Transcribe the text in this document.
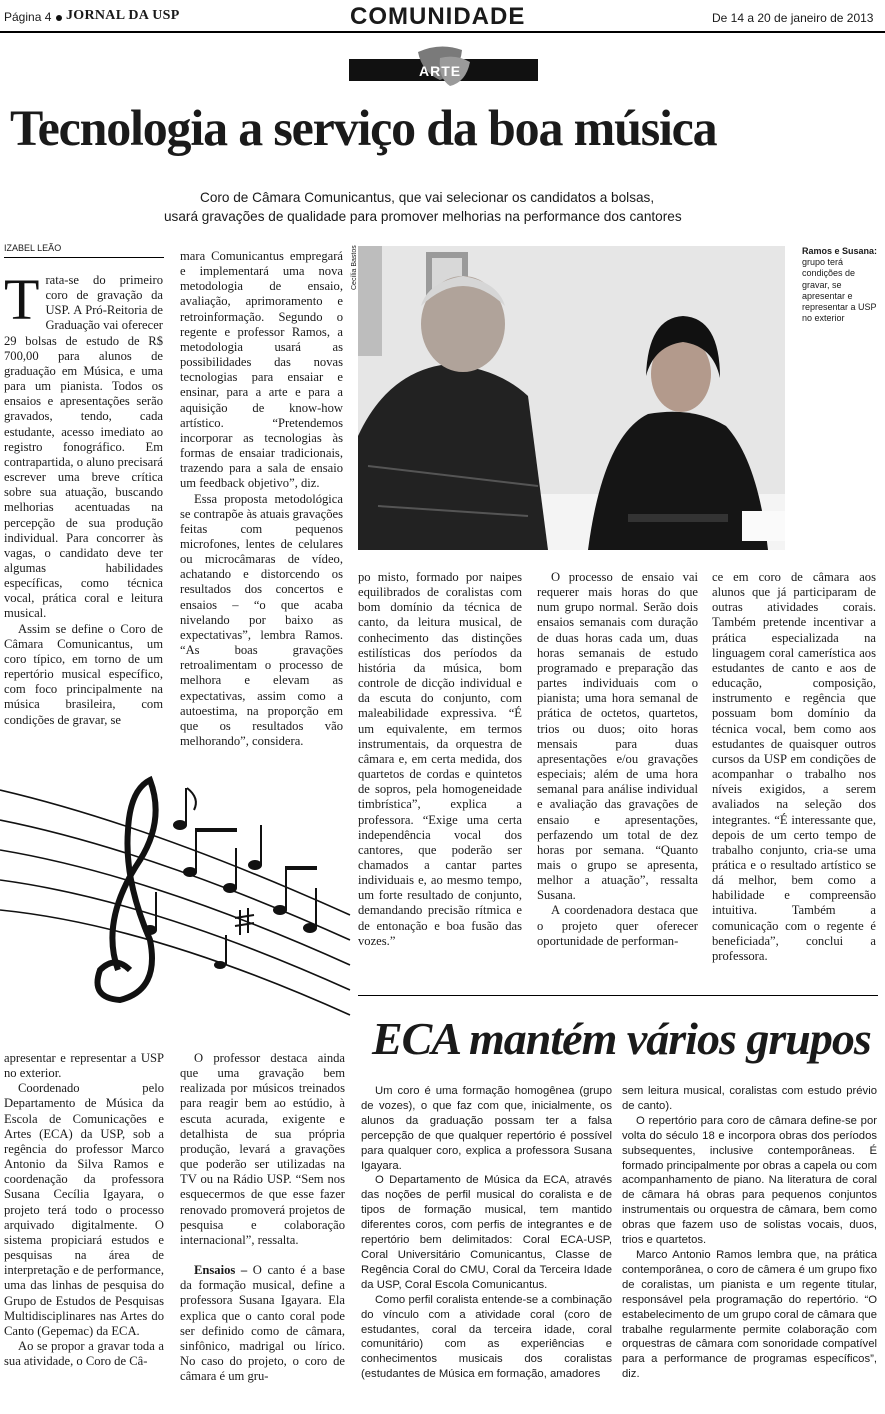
Página 4 JORNAL DA USP	COMUNIDADE	De 14 a 20 de janeiro de 2013
ARTE
Tecnologia a serviço da boa música
Coro de Câmara Comunicantus, que vai selecionar os candidatos a bolsas,
usará gravações de qualidade para promover melhorias na performance dos cantores
IZABEL LEÃO	Cecília Bastos	Ramos e Susana: grupo terá condições de gravar, se apresentar e representar a USP no exterior
T rata-se do primeiro coro de gravação da USP. A Pró-Reitoria de Graduação vai oferecer 29 bolsas de estudo de R$ 700,00 para alunos de graduação em Música, e uma para um pianista. Todos os ensaios e apresentações serão gravados, tendo, cada estudante, acesso imediato ao registro fonográfico. Em contrapartida, o aluno precisará escrever uma breve crítica sobre sua atuação, buscando melhorias acentuadas na percepção de sua produção individual. Para concorrer às vagas, o candidato deve ter algumas habilidades específicas, como técnica vocal, prática coral e leitura musical.

Assim se define o Coro de Câmara Comunicantus, um coro típico, em torno de um repertório musical específico, com foco principalmente na música brasileira, com condições de gravar, se

mara Comunicantus empregará e implementará uma nova metodologia de ensaio, avaliação, aprimoramento e retroinformação. Segundo o regente e professor Ramos, a metodologia usará as possibilidades das novas tecnologias para ensaiar e ensinar, para a arte e para a aquisição de know-how artístico. “Pretendemos incorporar as tecnologias às formas de ensaiar tradicionais, trazendo para a sala de ensaio um feedback objetivo”, diz.

Essa proposta metodológica se contrapõe às atuais gravações feitas com pequenos microfones, lentes de celulares ou microcâmaras de vídeo, achatando e distorcendo os resultados dos concertos e ensaios – “o que acaba nivelando por baixo as expectativas”, lembra Ramos. “As boas gravações retroalimentam o processo de melhora e elevam as expectativas, assim como a autoestima, na proporção em que os resultados vão melhorando”, considera.

po misto, formado por naipes equilibrados de coralistas com bom domínio da técnica de canto, da leitura musical, de conhecimento das distinções estilísticas dos períodos da história da música, bom controle de dicção individual e da escuta do conjunto, com maleabilidade expressiva. “É um equivalente, em termos instrumentais, da orquestra de câmara e, em certa medida, dos quartetos de cordas e quintetos de sopros, pela homogeneidade timbrística”, explica a professora. “Exige uma certa independência vocal dos cantores, que poderão ser chamados a cantar partes individuais e, ao mesmo tempo, um forte resultado de conjunto, demandando precisão rítmica e de entonação e boa fusão das vozes.”

O processo de ensaio vai requerer mais horas do que num grupo normal. Serão dois ensaios semanais com duração de duas horas cada um, duas horas semanais de estudo programado e preparação das partes individuais com o pianista; uma hora semanal de prática de octetos, quartetos, trios ou duos; oito horas mensais para duas apresentações e/ou gravações especiais; além de uma hora semanal para análise individual e avaliação das gravações de ensaio e apresentações, perfazendo um total de dez horas por semana. “Quanto mais o grupo se apresenta, melhor a atuação”, ressalta Susana.

A coordenadora destaca que o projeto quer oferecer oportunidade de performan-

ce em coro de câmara aos alunos que já participaram de outras atividades corais. Também pretende incentivar a prática especializada na linguagem coral camerística aos estudantes de canto e aos de educação, composição, instrumento e regência que possuam bom domínio da técnica vocal, bem como aos estudantes de quaisquer outros cursos da USP em condições de acompanhar o trabalho nos níveis exigidos, a serem avaliados na seleção dos integrantes. “É interessante que, depois de um certo tempo de trabalho conjunto, cria-se uma prática e o resultado artístico se dá melhor, bem como a habilidade e compreensão intuitiva. Também a comunicação com o regente é beneficiada”, conclui a professora.

apresentar e representar a USP no exterior.

Coordenado pelo Departamento de Música da Escola de Comunicações e Artes (ECA) da USP, sob a regência do professor Marco Antonio da Silva Ramos e coordenação da professora Susana Cecília Igayara, o projeto terá todo o processo arquivado digitalmente. O sistema propiciará estudos e pesquisas na área de interpretação e de performance, uma das linhas de pesquisa do Grupo de Estudos de Pesquisas Multidisciplinares nas Artes do Canto (Gepemac) da ECA.

Ao se propor a gravar toda a sua atividade, o Coro de Câ-

O professor destaca ainda que uma gravação bem realizada por músicos treinados para reagir bem ao estúdio, à escuta acurada, exigente e detalhista de sua própria produção, levará a gravações que poderão ser utilizadas na TV ou na Rádio USP. “Sem nos esquecermos de que esse fazer renovado promoverá projetos de pesquisa e colaboração internacional”, ressalta.

Ensaios – O canto é a base da formação musical, define a professora Susana Igayara. Ela explica que o canto coral pode ser definido como de câmara, sinfônico, madrigal ou lírico. No caso do projeto, o coro de câmara é um gru-

ECA mantém vários grupos

Um coro é uma formação homogênea (grupo de vozes), o que faz com que, inicialmente, os alunos da graduação possam ter a falsa percepção de que qualquer repertório é possível para qualquer coro, explica a professora Susana Igayara.

O Departamento de Música da ECA, através das noções de perfil musical do coralista e de tipos de formação musical, tem mantido diferentes coros, com perfis de integrantes e de repertório bem delimitados: Coral ECA-USP, Coral Universitário Comunicantus, Classe de Regência Coral do CMU, Coral da Terceira Idade da USP, Coral Escola Comunicantus.

Como perfil coralista entende-se a combinação do vínculo com a atividade coral (coro de estudantes, coral da terceira idade, coral comunitário) com as experiências e conhecimentos musicais dos coralistas (estudantes de Música em formação, amadores

sem leitura musical, coralistas com estudo prévio de canto).

O repertório para coro de câmara define-se por volta do século 18 e incorpora obras dos períodos subsequentes, inclusive contemporâneas. É formado principalmente por obras a capela ou com acompanhamento de piano. Na literatura de coral de câmara há obras para pequenos conjuntos instrumentais ou orquestra de câmara, bem como obras que fazem uso de solistas vocais, duos, trios e quartetos.

Marco Antonio Ramos lembra que, na prática contemporânea, o coro de câmera é um grupo fixo de coralistas, um pianista e um regente titular, responsável pela programação do repertório. “O estabelecimento de um grupo coral de câmara que trabalhe regularmente permite colaboração com orquestras de câmara com sonoridade compatível para a performance de programas específicos”, diz.
